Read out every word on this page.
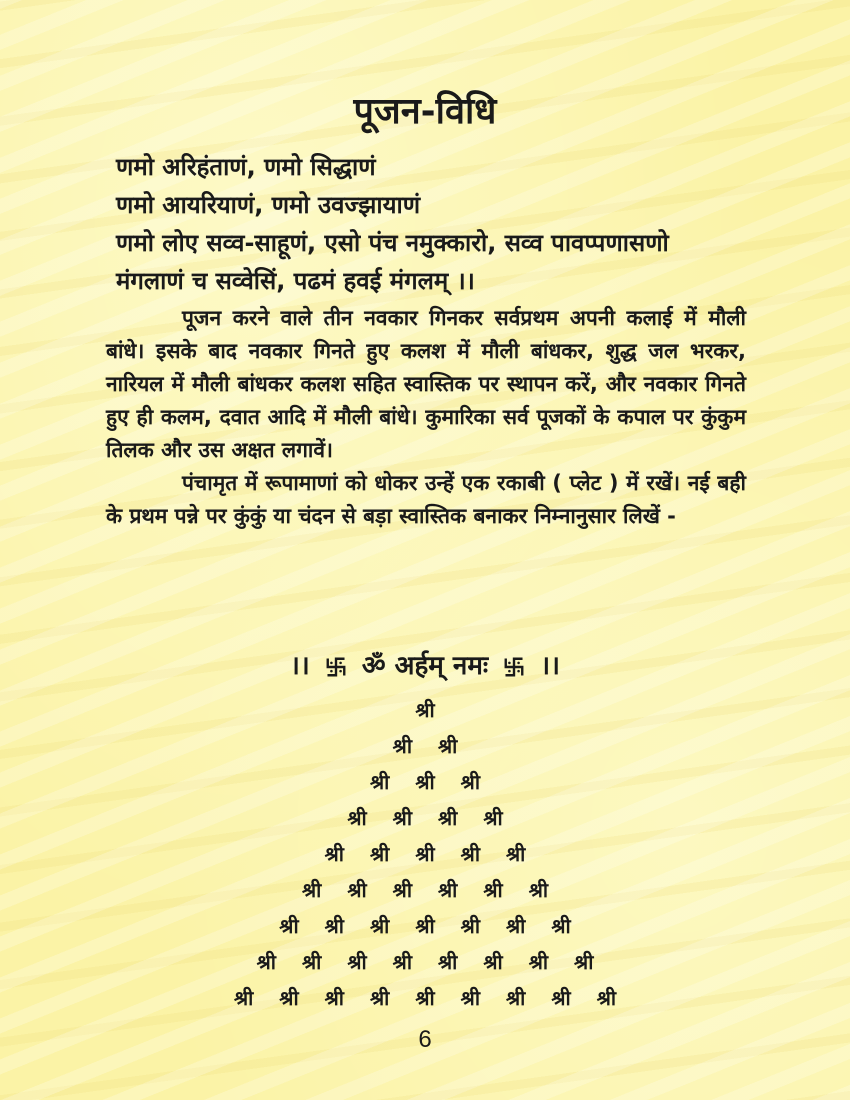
पूजन-विधि
णमो अरिहंताणं, णमो सिद्धाणं
णमो आयरियाणं, णमो उवज्झायाणं
णमो लोए सव्व-साहूणं, एसो पंच नमुक्कारो, सव्व पावप्पणासणो
मंगलाणं च सव्वेसिं, पढमं हवई मंगलम् ।।

पूजन करने वाले तीन नवकार गिनकर सर्वप्रथम अपनी कलाई में मौली बांधे। इसके बाद नवकार गिनते हुए कलश में मौली बांधकर, शुद्ध जल भरकर, नारियल में मौली बांधकर कलश सहित स्वास्तिक पर स्थापन करें, और नवकार गिनते हुए ही कलम, दवात आदि में मौली बांधे। कुमारिका सर्व पूजकों के कपाल पर कुंकुम तिलक और उस अक्षत लगावें।

पंचामृत में रूपामाणां को धोकर उन्हें एक रकाबी ( प्लेट ) में रखें। नई बही के प्रथम पन्ने पर कुंकुं या चंदन से बड़ा स्वास्तिक बनाकर निम्नानुसार लिखें -

।। ॐ अर्हम् नमः ।।
श्री
श्री श्री
श्री श्री श्री
श्री श्री श्री श्री
श्री श्री श्री श्री श्री
श्री श्री श्री श्री श्री श्री
श्री श्री श्री श्री श्री श्री श्री
श्री श्री श्री श्री श्री श्री श्री श्री
श्री श्री श्री श्री श्री श्री श्री श्री श्री
6
